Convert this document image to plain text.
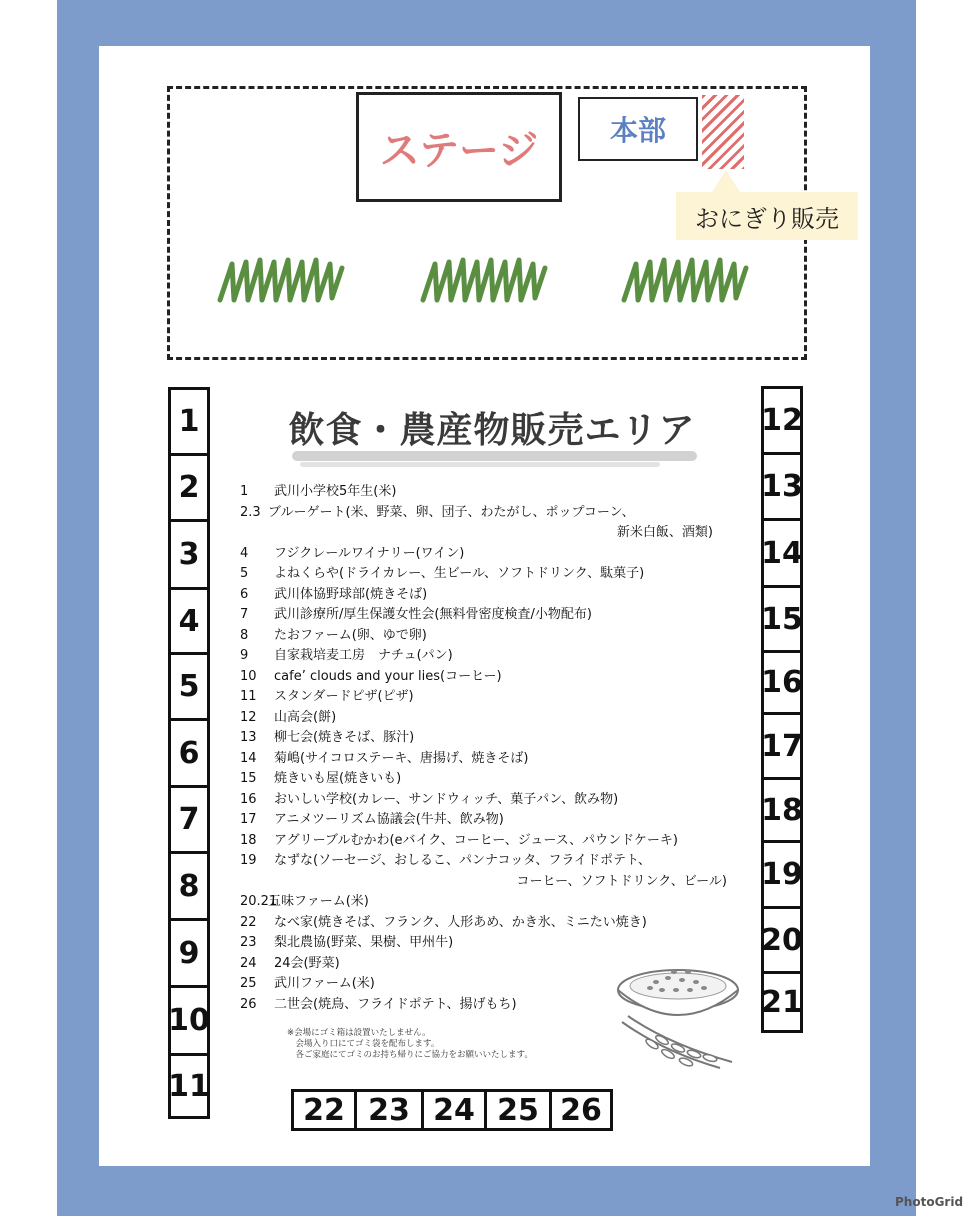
ステージ	本部
おにぎり販売
1
2
3
4
5
6
7
8
9
10
11
12
13
14
15
16
17
18
19
20
21
22 23 24 25 26
飲食・農産物販売エリア
1 武川小学校5年生(米)
2.3 ブルーゲート(米、野菜、卵、団子、わたがし、ポップコーン、
新米白飯、酒類)
4 フジクレールワイナリー(ワイン)
5 よねくらや(ドライカレー、生ビール、ソフトドリンク、駄菓子)
6 武川体協野球部(焼きそば)
7 武川診療所/厚生保護女性会(無料骨密度検査/小物配布)
8 たおファーム(卵、ゆで卵)
9 自家栽培麦工房　ナチュ(パン)
10 cafe’ clouds and your lies(コーヒー)
11 スタンダードピザ(ピザ)
12 山高会(餅)
13 柳七会(焼きそば、豚汁)
14 菊嶋(サイコロステーキ、唐揚げ、焼きそば)
15 焼きいも屋(焼きいも)
16 おいしい学校(カレー、サンドウィッチ、菓子パン、飲み物)
17 アニメツーリズム協議会(牛丼、飲み物)
18 アグリーブルむかわ(eバイク、コーヒー、ジュース、パウンドケーキ)
19 なずな(ソーセージ、おしるこ、パンナコッタ、フライドポテト、
コーヒー、ソフトドリンク、ビール)
20.21五味ファーム(米)
22 なべ家(焼きそば、フランク、人形あめ、かき氷、ミニたい焼き)
23 梨北農協(野菜、果樹、甲州牛)
24 24会(野菜)
25 武川ファーム(米)
26 二世会(焼鳥、フライドポテト、揚げもち)
※会場にゴミ箱は設置いたしません。
　会場入り口にてゴミ袋を配布します。
　各ご家庭にてゴミのお持ち帰りにご協力をお願いいたします。
PhotoGrid
